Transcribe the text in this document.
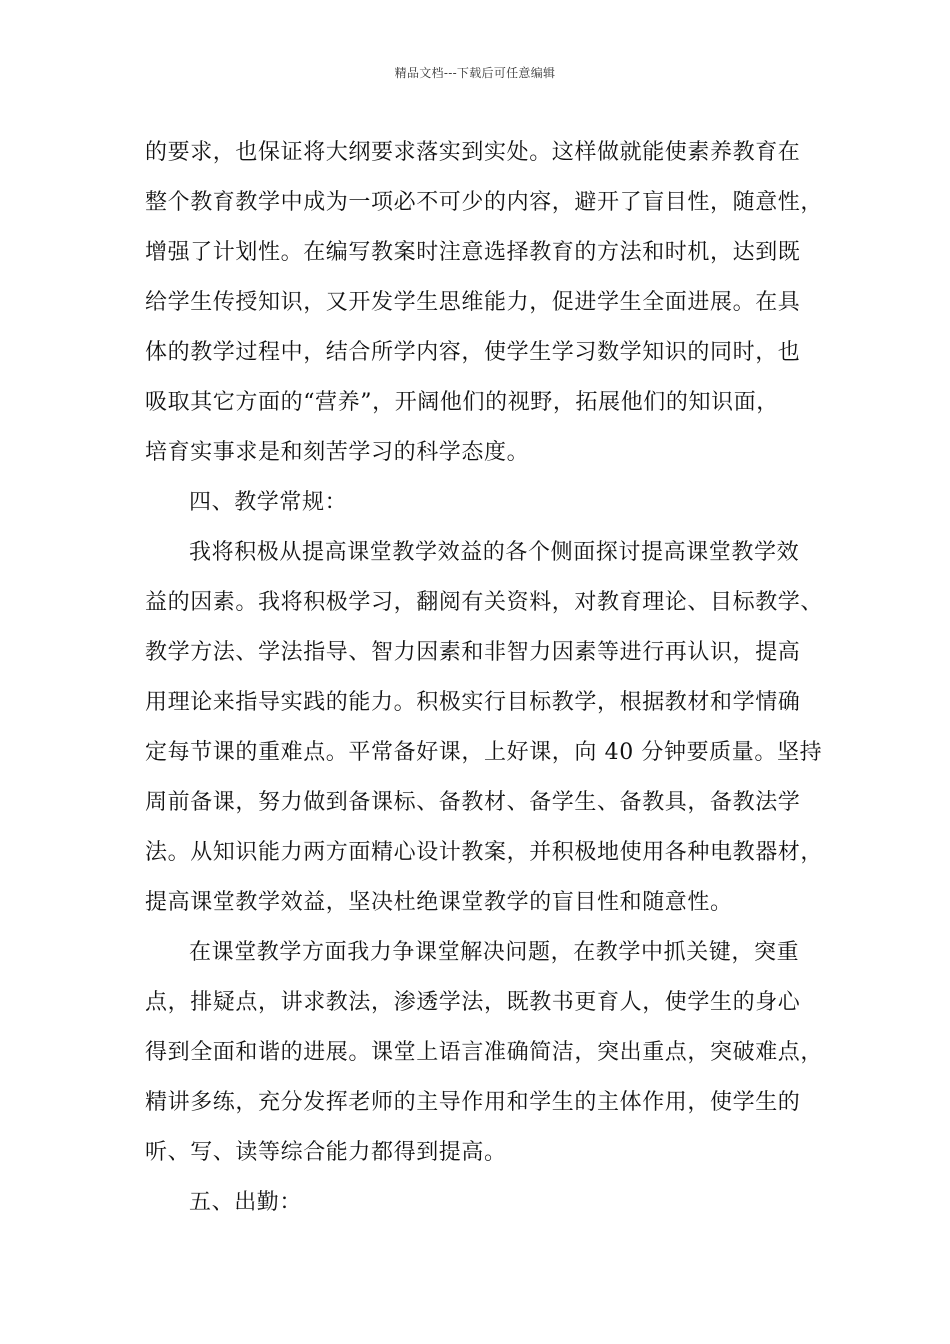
精品文档---下载后可任意编辑
的要求，也保证将大纲要求落实到实处。这样做就能使素养教育在
整个教育教学中成为一项必不可少的内容，避开了盲目性，随意性，
增强了计划性。在编写教案时注意选择教育的方法和时机，达到既
给学生传授知识，又开发学生思维能力，促进学生全面进展。在具
体的教学过程中，结合所学内容，使学生学习数学知识的同时，也
吸取其它方面的“营养”，开阔他们的视野，拓展他们的知识面，
培育实事求是和刻苦学习的科学态度。
四、教学常规：
我将积极从提高课堂教学效益的各个侧面探讨提高课堂教学效
益的因素。我将积极学习，翻阅有关资料，对教育理论、目标教学、
教学方法、学法指导、智力因素和非智力因素等进行再认识，提高
用理论来指导实践的能力。积极实行目标教学，根据教材和学情确
定每节课的重难点。平常备好课，上好课，向 40 分钟要质量。坚持
周前备课，努力做到备课标、备教材、备学生、备教具，备教法学
法。从知识能力两方面精心设计教案，并积极地使用各种电教器材，
提高课堂教学效益，坚决杜绝课堂教学的盲目性和随意性。
在课堂教学方面我力争课堂解决问题，在教学中抓关键，突重
点，排疑点，讲求教法，渗透学法，既教书更育人，使学生的身心
得到全面和谐的进展。课堂上语言准确简洁，突出重点，突破难点，
精讲多练，充分发挥老师的主导作用和学生的主体作用，使学生的
听、写、读等综合能力都得到提高。
五、出勤：
